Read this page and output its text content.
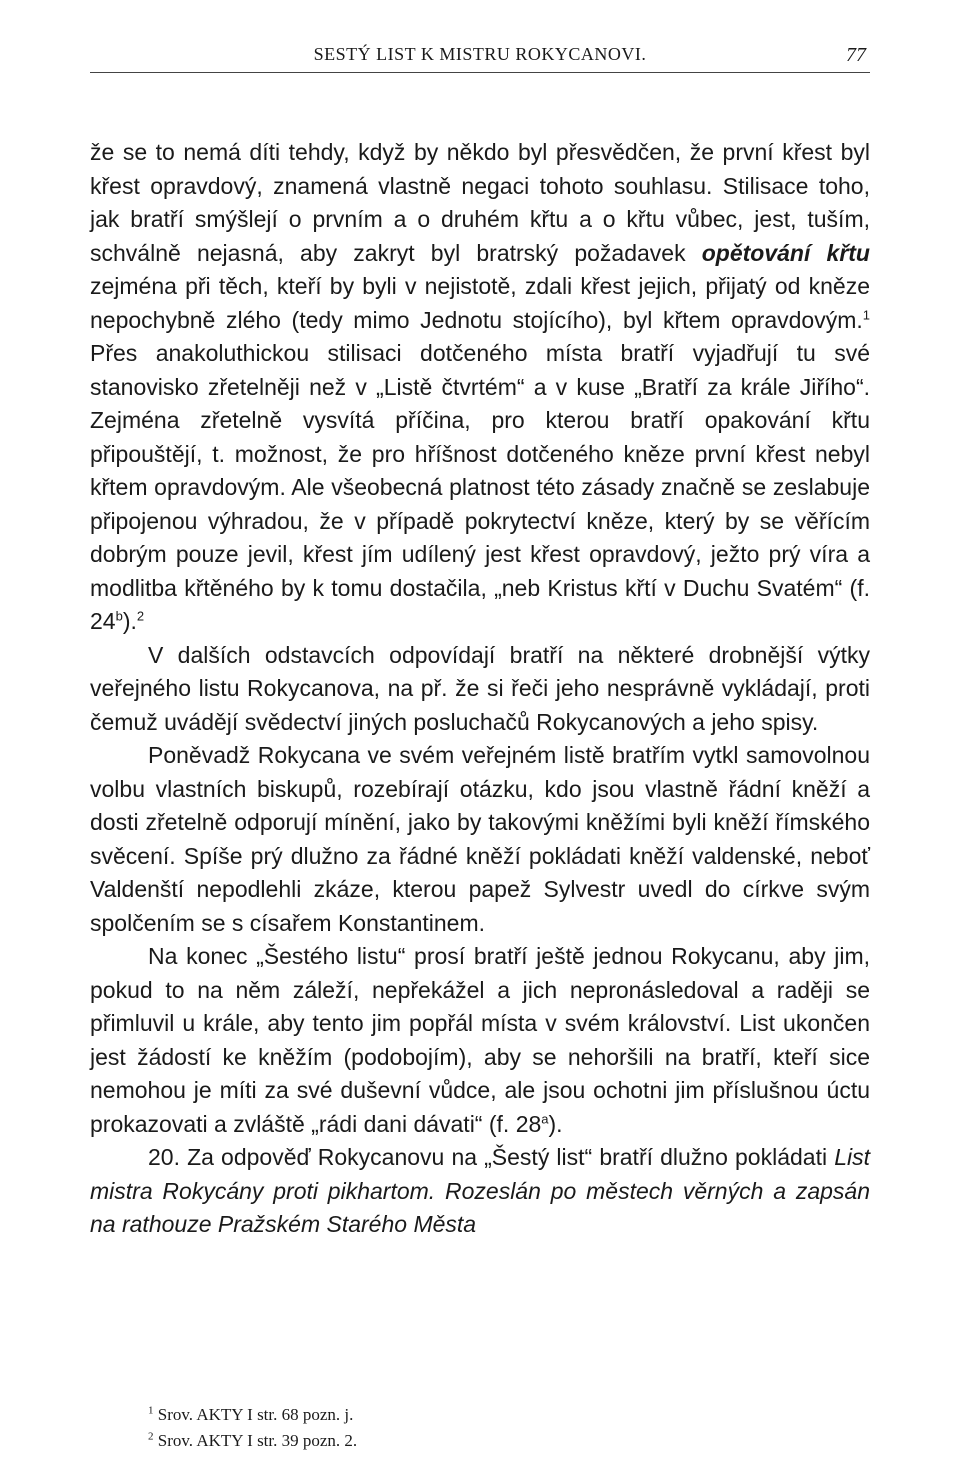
SESTÝ LIST K MISTRU ROKYCANOVI.	77

že se to nemá díti tehdy, když by někdo byl přesvědčen, že první křest byl křest opravdový, znamená vlastně negaci tohoto souhlasu. Stilisace toho, jak bratří smýšlejí o prvním a o druhém křtu a o křtu vůbec, jest, tuším, schválně nejasná, aby zakryt byl bratrský požadavek opětování křtu zejména při těch, kteří by byli v nejistotě, zdali křest jejich, přijatý od kněze nepochybně zlého (tedy mimo Jednotu stojícího), byl křtem opravdovým.$^1$ Přes anakoluthickou stilisaci dotčeného místa bratří vyjadřují tu své stanovisko zřetelněji než v „Listě čtvrtém“ a v kuse „Bratří za krále Jiřího“. Zejména zřetelně vysvítá příčina, pro kterou bratří opakování křtu připouštějí, t. možnost, že pro hříšnost dotčeného kněze první křest nebyl křtem opravdovým. Ale všeobecná platnost této zásady značně se zeslabuje připojenou výhradou, že v případě pokrytectví kněze, který by se věřícím dobrým pouze jevil, křest jím udílený jest křest opravdový, ježto prý víra a modlitba křtěného by k tomu dostačila, „neb Kristus křtí v Duchu Svatém“ (f. 24$^b$).$^2$

V dalších odstavcích odpovídají bratří na některé drobnější výtky veřejného listu Rokycanova, na př. že si řeči jeho nesprávně vykládají, proti čemuž uvádějí svědectví jiných posluchačů Rokycanových a jeho spisy.

Poněvadž Rokycana ve svém veřejném listě bratřím vytkl samovolnou volbu vlastních biskupů, rozebírají otázku, kdo jsou vlastně řádní kněží a dosti zřetelně odporují mínění, jako by takovými kněžími byli kněží římského svěcení. Spíše prý dlužno za řádné kněží pokládati kněží valdenské, neboť Valdenští nepodlehli zkáze, kterou papež Sylvestr uvedl do církve svým spolčením se s císařem Konstantinem.

Na konec „Šestého listu“ prosí bratří ještě jednou Rokycanu, aby jim, pokud to na něm záleží, nepřekážel a jich nepronásledoval a raději se přimluvil u krále, aby tento jim popřál místa v svém království. List ukončen jest žádostí ke kněžím (podobojím), aby se nehoršili na bratří, kteří sice nemohou je míti za své duševní vůdce, ale jsou ochotni jim příslušnou úctu prokazovati a zvláště „rádi dani dávati“ (f. 28$^a$).

20. Za odpověď Rokycanovu na „Šestý list“ bratří dlužno pokládati List mistra Rokycány proti pikhartom. Rozeslán po městech věrných a zapsán na rathouze Pražském Starého Města

$^1$ Srov. AKTY I str. 68 pozn. j.

$^2$ Srov. AKTY I str. 39 pozn. 2.
